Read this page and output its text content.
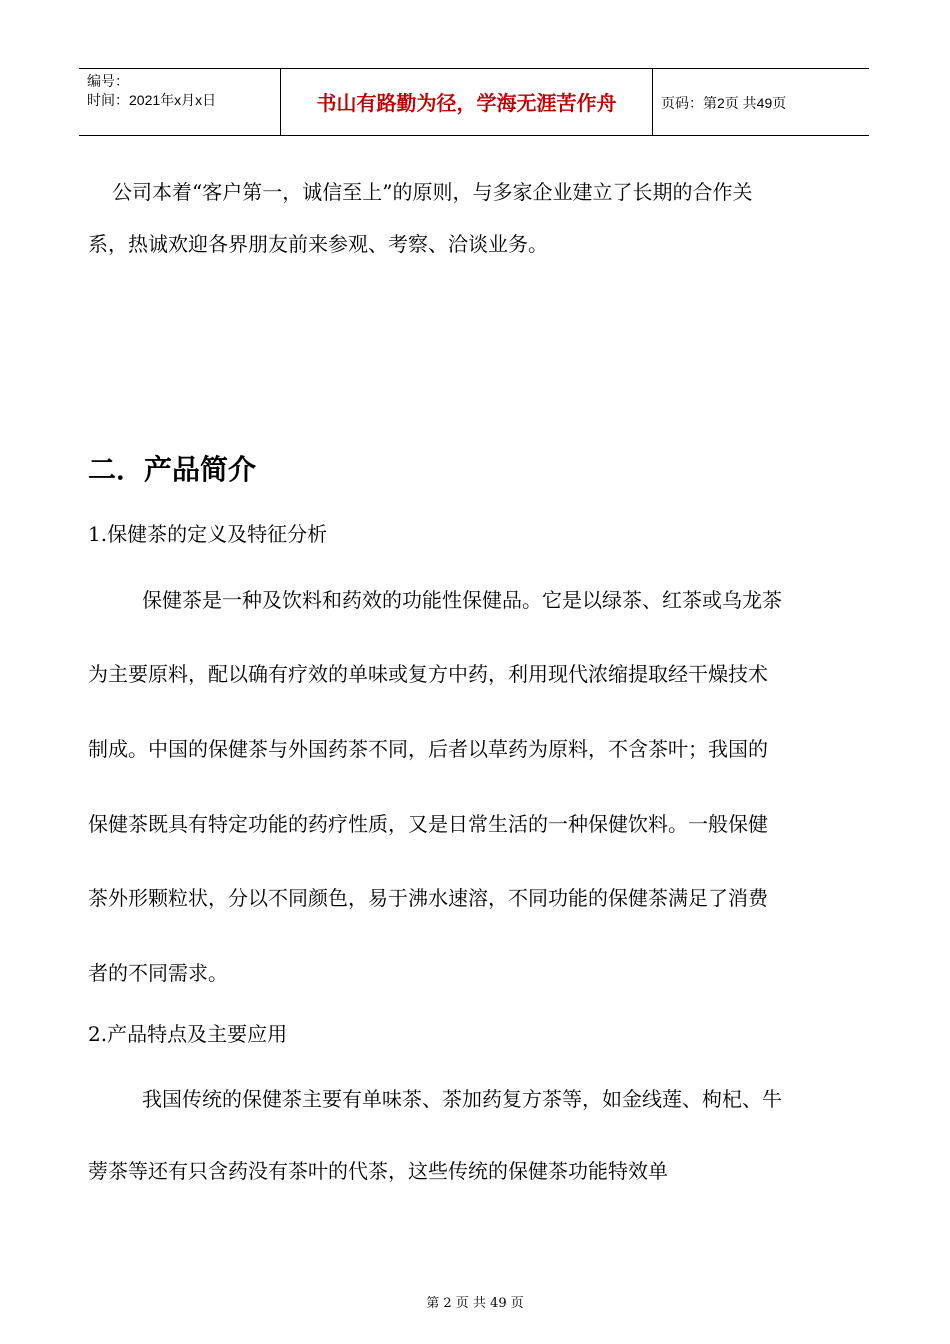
编号：
时间：2021年x月x日	书山有路勤为径，学海无涯苦作舟	页码：第2页 共49页

公司本着“客户第一，诚信至上”的原则，与多家企业建立了长期的合作关

系，热诚欢迎各界朋友前来参观、考察、洽谈业务。

二．产品简介

1.保健茶的定义及特征分析

保健茶是一种及饮料和药效的功能性保健品。它是以绿茶、红茶或乌龙茶

为主要原料，配以确有疗效的单味或复方中药，利用现代浓缩提取经干燥技术

制成。中国的保健茶与外国药茶不同，后者以草药为原料，不含茶叶；我国的

保健茶既具有特定功能的药疗性质，又是日常生活的一种保健饮料。一般保健

茶外形颗粒状，分以不同颜色，易于沸水速溶，不同功能的保健茶满足了消费

者的不同需求。

2.产品特点及主要应用

我国传统的保健茶主要有单味茶、茶加药复方茶等，如金线莲、枸杞、牛

蒡茶等还有只含药没有茶叶的代茶，这些传统的保健茶功能特效单

第 2 页 共 49 页
